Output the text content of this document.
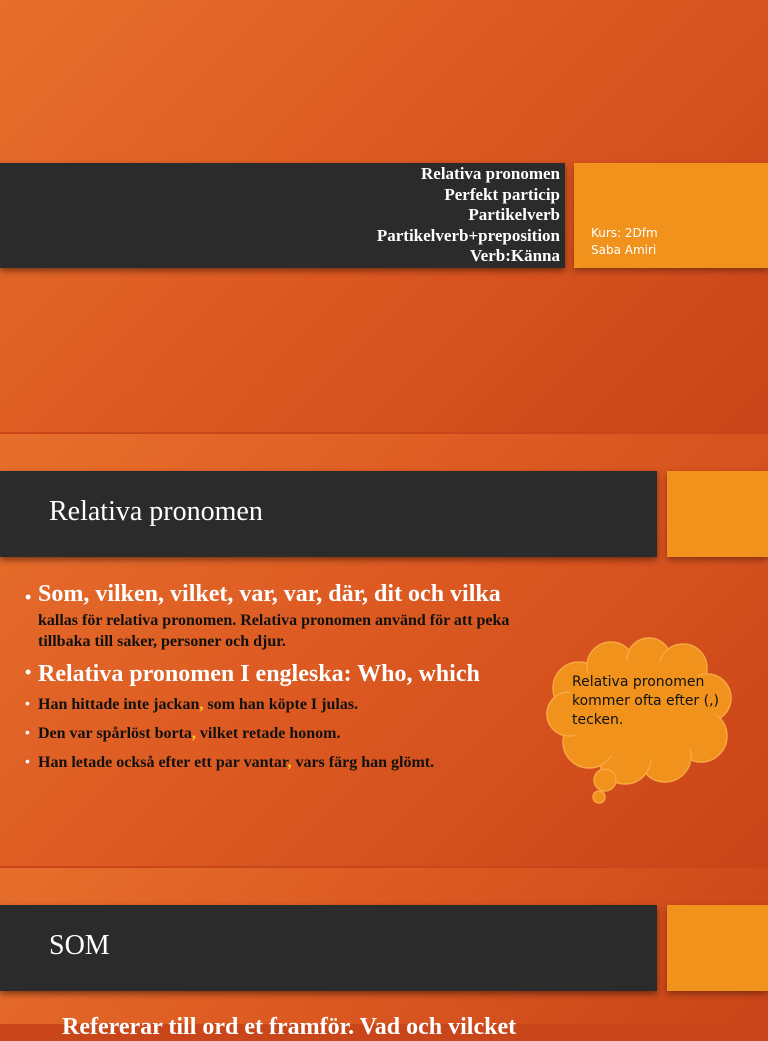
Relativa pronomen
Perfekt particip
Partikelverb
Partikelverb+preposition
Verb:Känna
Kurs: 2Dfm
Saba Amiri
Relativa pronomen
• Som, vilken, vilket, var, var, där, dit och vilka
kallas för relativa pronomen. Relativa pronomen använd för att peka
tillbaka till saker, personer och djur.
• Relativa pronomen I engleska: Who, which
• Han hittade inte jackan, som han köpte I julas.
• Den var spårlöst borta, vilket retade honom.
• Han letade också efter ett par vantar, vars färg han glömt.
Relativa pronomen kommer ofta efter (,) tecken.
SOM
Refererar till ord et framför. Vad och vilcket
